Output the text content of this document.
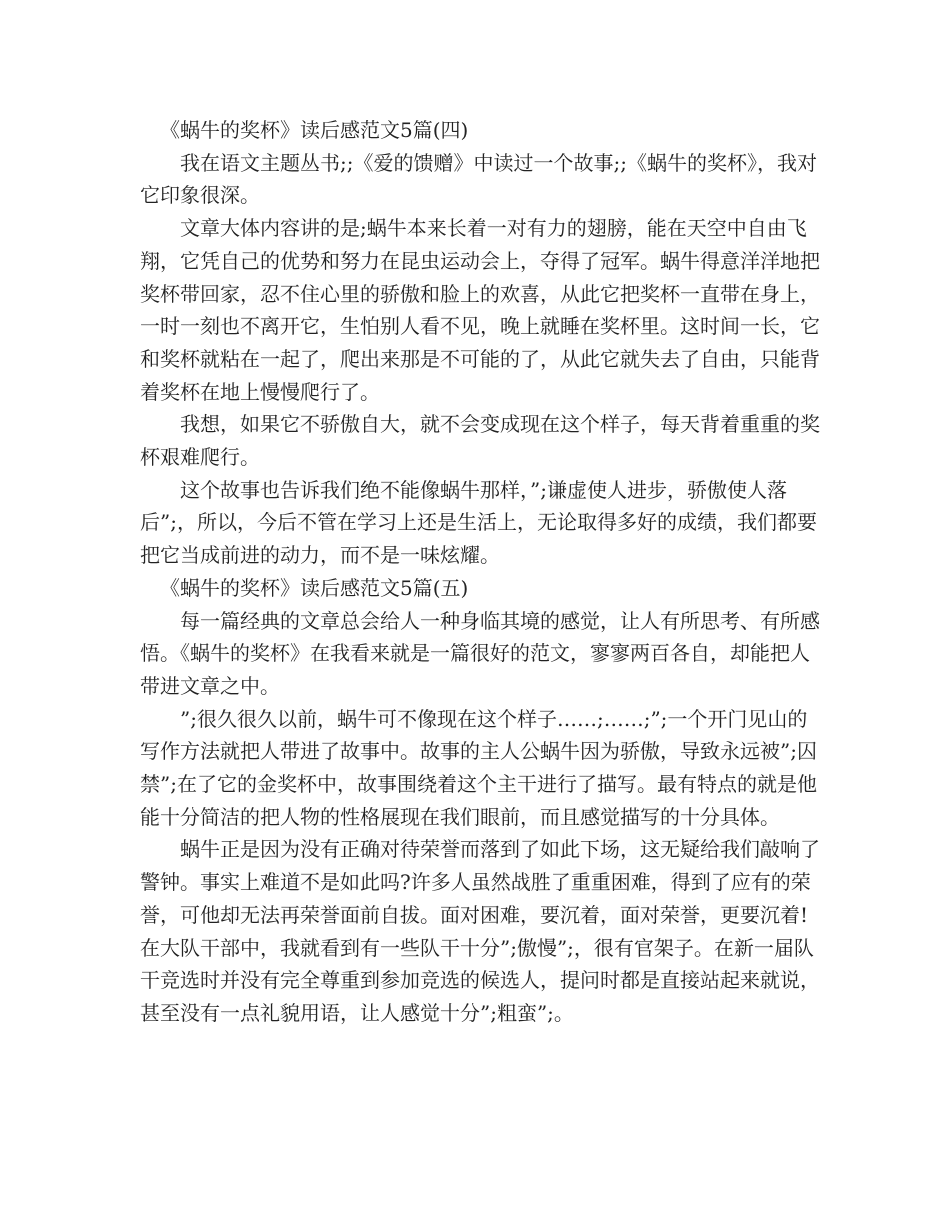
《蜗牛的奖杯》读后感范文5篇(四)

我在语文主题丛书;;《爱的馈赠》中读过一个故事;;《蜗牛的奖杯》，我对它印象很深。

文章大体内容讲的是;蜗牛本来长着一对有力的翅膀，能在天空中自由飞翔，它凭自己的优势和努力在昆虫运动会上，夺得了冠军。蜗牛得意洋洋地把奖杯带回家，忍不住心里的骄傲和脸上的欢喜，从此它把奖杯一直带在身上，一时一刻也不离开它，生怕别人看不见，晚上就睡在奖杯里。这时间一长，它和奖杯就粘在一起了，爬出来那是不可能的了，从此它就失去了自由，只能背着奖杯在地上慢慢爬行了。

我想，如果它不骄傲自大，就不会变成现在这个样子，每天背着重重的奖杯艰难爬行。

这个故事也告诉我们绝不能像蜗牛那样，”;谦虚使人进步，骄傲使人落后”;，所以，今后不管在学习上还是生活上，无论取得多好的成绩，我们都要把它当成前进的动力，而不是一味炫耀。

《蜗牛的奖杯》读后感范文5篇(五)

每一篇经典的文章总会给人一种身临其境的感觉，让人有所思考、有所感悟。《蜗牛的奖杯》在我看来就是一篇很好的范文，寥寥两百各自，却能把人带进文章之中。

”;很久很久以前，蜗牛可不像现在这个样子……;……;”;一个开门见山的写作方法就把人带进了故事中。故事的主人公蜗牛因为骄傲，导致永远被”;囚禁”;在了它的金奖杯中，故事围绕着这个主干进行了描写。最有特点的就是他能十分简洁的把人物的性格展现在我们眼前，而且感觉描写的十分具体。

蜗牛正是因为没有正确对待荣誉而落到了如此下场，这无疑给我们敲响了警钟。事实上难道不是如此吗?许多人虽然战胜了重重困难，得到了应有的荣誉，可他却无法再荣誉面前自拔。面对困难，要沉着，面对荣誉，更要沉着!在大队干部中，我就看到有一些队干十分”;傲慢”;，很有官架子。在新一届队干竞选时并没有完全尊重到参加竞选的候选人，提问时都是直接站起来就说，甚至没有一点礼貌用语，让人感觉十分”;粗蛮”;。
